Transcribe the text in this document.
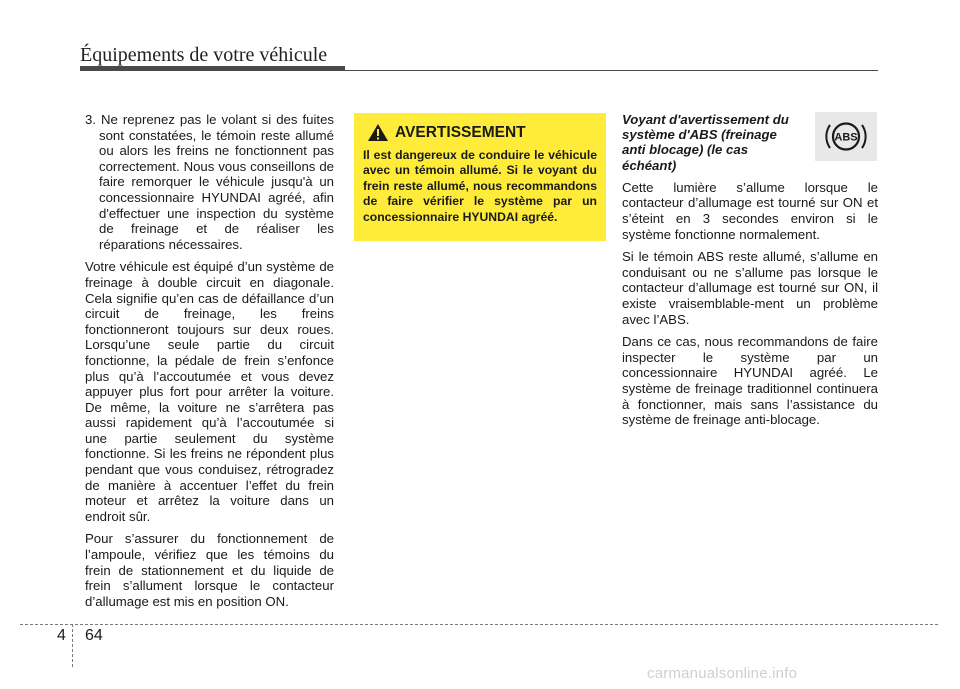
Équipements de votre véhicule

3. Ne reprenez pas le volant si des fuites sont constatées, le témoin reste allumé ou alors les freins ne fonctionnent pas correctement. Nous vous conseillons de faire remorquer le véhicule jusqu'à un concessionnaire HYUNDAI agréé, afin d'effectuer une inspection du système de freinage et de réaliser les réparations nécessaires.

Votre véhicule est équipé d’un système de freinage à double circuit en diagonale. Cela signifie qu’en cas de défaillance d’un circuit de freinage, les freins fonctionneront toujours sur deux roues. Lorsqu’une seule partie du circuit fonctionne, la pédale de frein s’enfonce plus qu’à l’accoutumée et vous devez appuyer plus fort pour arrêter la voiture. De même, la voiture ne s’arrêtera pas aussi rapidement qu’à l’accoutumée si une partie seulement du système fonctionne. Si les freins ne répondent plus pendant que vous conduisez, rétrogradez de manière à accentuer l’effet du frein moteur et arrêtez la voiture dans un endroit sûr.

Pour s’assurer du fonctionnement de l’ampoule, vérifiez que les témoins du frein de stationnement et du liquide de frein s’allument lorsque le contacteur d’allumage est mis en position ON.

AVERTISSEMENT
Il est dangereux de conduire le véhicule avec un témoin allumé. Si le voyant du frein reste allumé, nous recommandons de faire vérifier le système par un concessionnaire HYUNDAI agréé.

Voyant d'avertissement du système d'ABS (freinage anti blocage) (le cas échéant)

Cette lumière s’allume lorsque le contacteur d’allumage est tourné sur ON et s’éteint en 3 secondes environ si le système fonctionne normalement.

Si le témoin ABS reste allumé, s’allume en conduisant ou ne s’allume pas lorsque le contacteur d’allumage est tourné sur ON, il existe vraisemblable-ment un problème avec l’ABS.

Dans ce cas, nous recommandons de faire inspecter le système par un concessionnaire HYUNDAI agréé. Le système de freinage traditionnel continuera à fonctionner, mais sans l’assistance du système de freinage anti-blocage.

ABS
4 64
carmanualsonline.info
